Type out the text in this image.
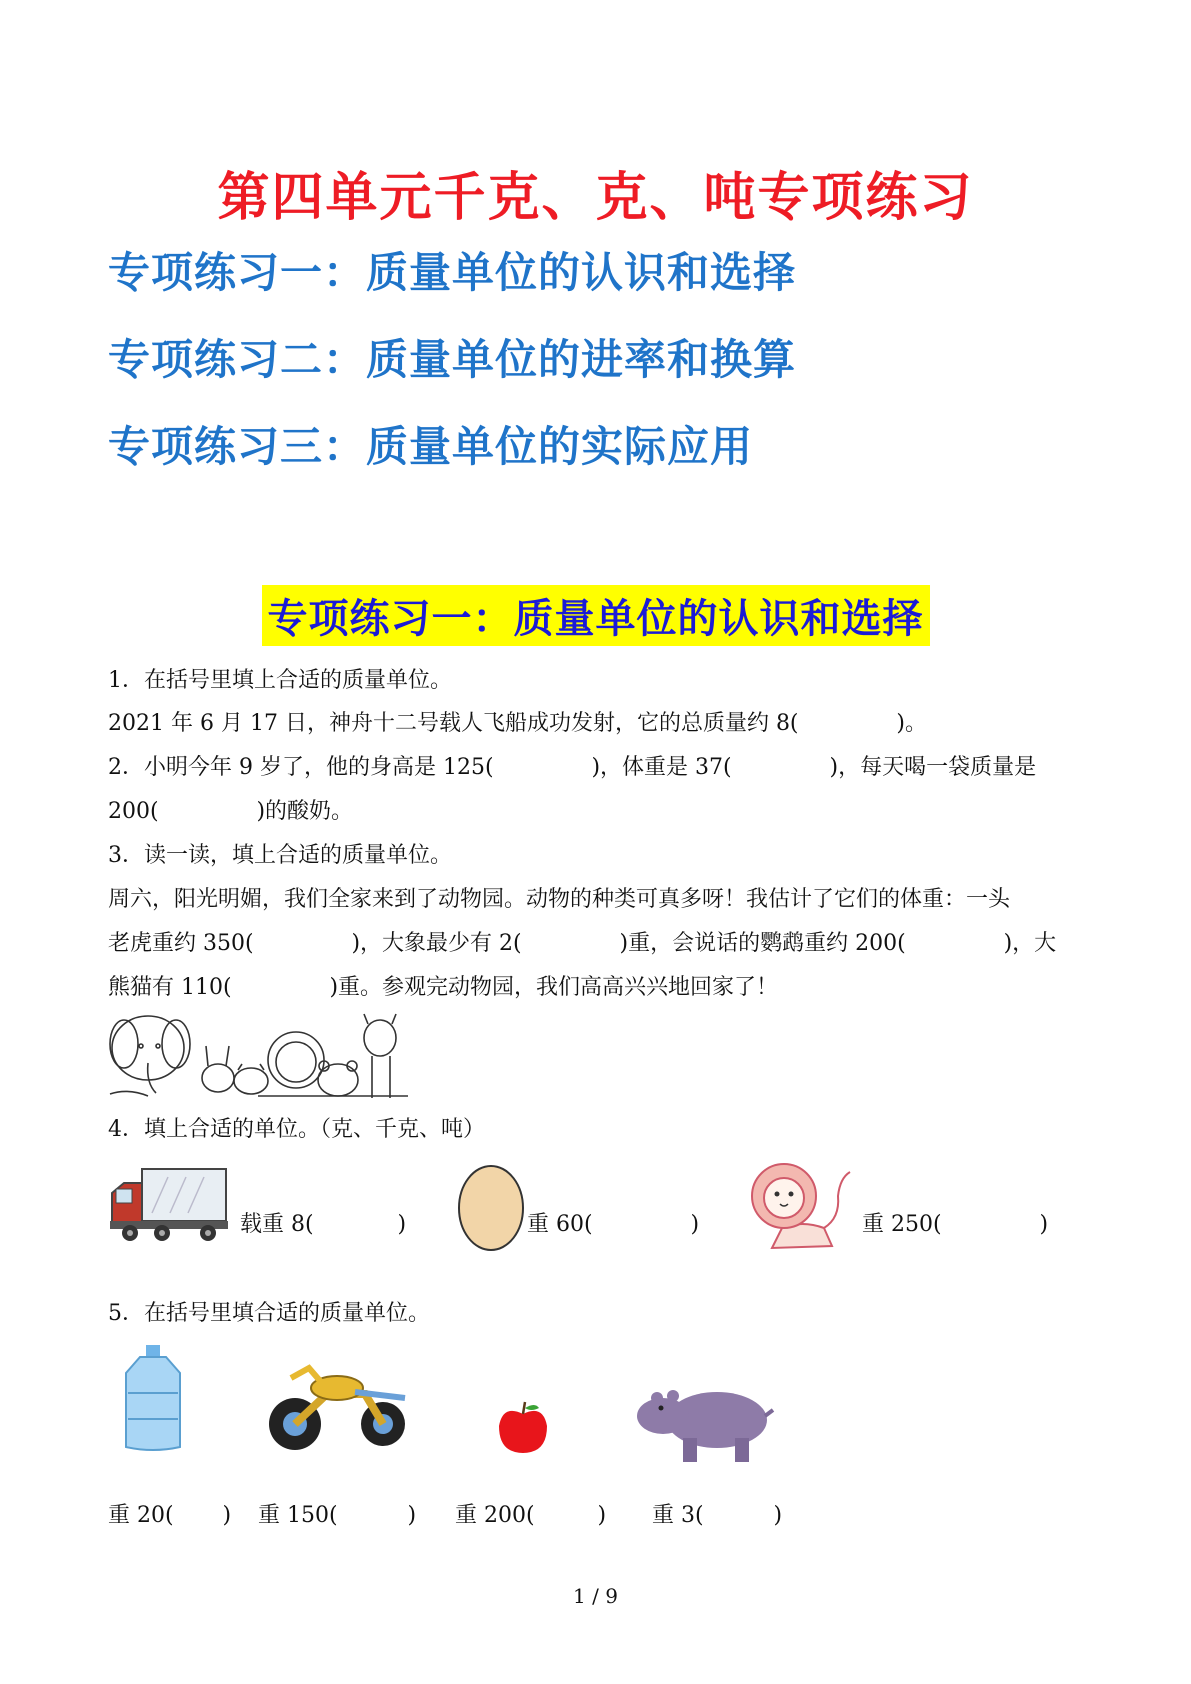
第四单元千克、克、吨专项练习
专项练习一：质量单位的认识和选择
专项练习二：质量单位的进率和换算
专项练习三：质量单位的实际应用
专项练习一：质量单位的认识和选择
1．在括号里填上合适的质量单位。
2021 年 6 月 17 日，神舟十二号载人飞船成功发射，它的总质量约 8(              )。
2．小明今年 9 岁了，他的身高是 125(              )，体重是 37(              )，每天喝一袋质量是
200(              )的酸奶。
3．读一读，填上合适的质量单位。
周六，阳光明媚，我们全家来到了动物园。动物的种类可真多呀！我估计了它们的体重：一头
老虎重约 350(              )，大象最少有 2(              )重，会说话的鹦鹉重约 200(              )，大
熊猫有 110(              )重。参观完动物园，我们高高兴兴地回家了！
4．填上合适的单位。（克、千克、吨）
载重 8(            )	重 60(              )	重 250(              )
5．在括号里填合适的质量单位。
重 20(       ) 重 150(          ) 重 200(         ) 重 3(          )
1 / 9
